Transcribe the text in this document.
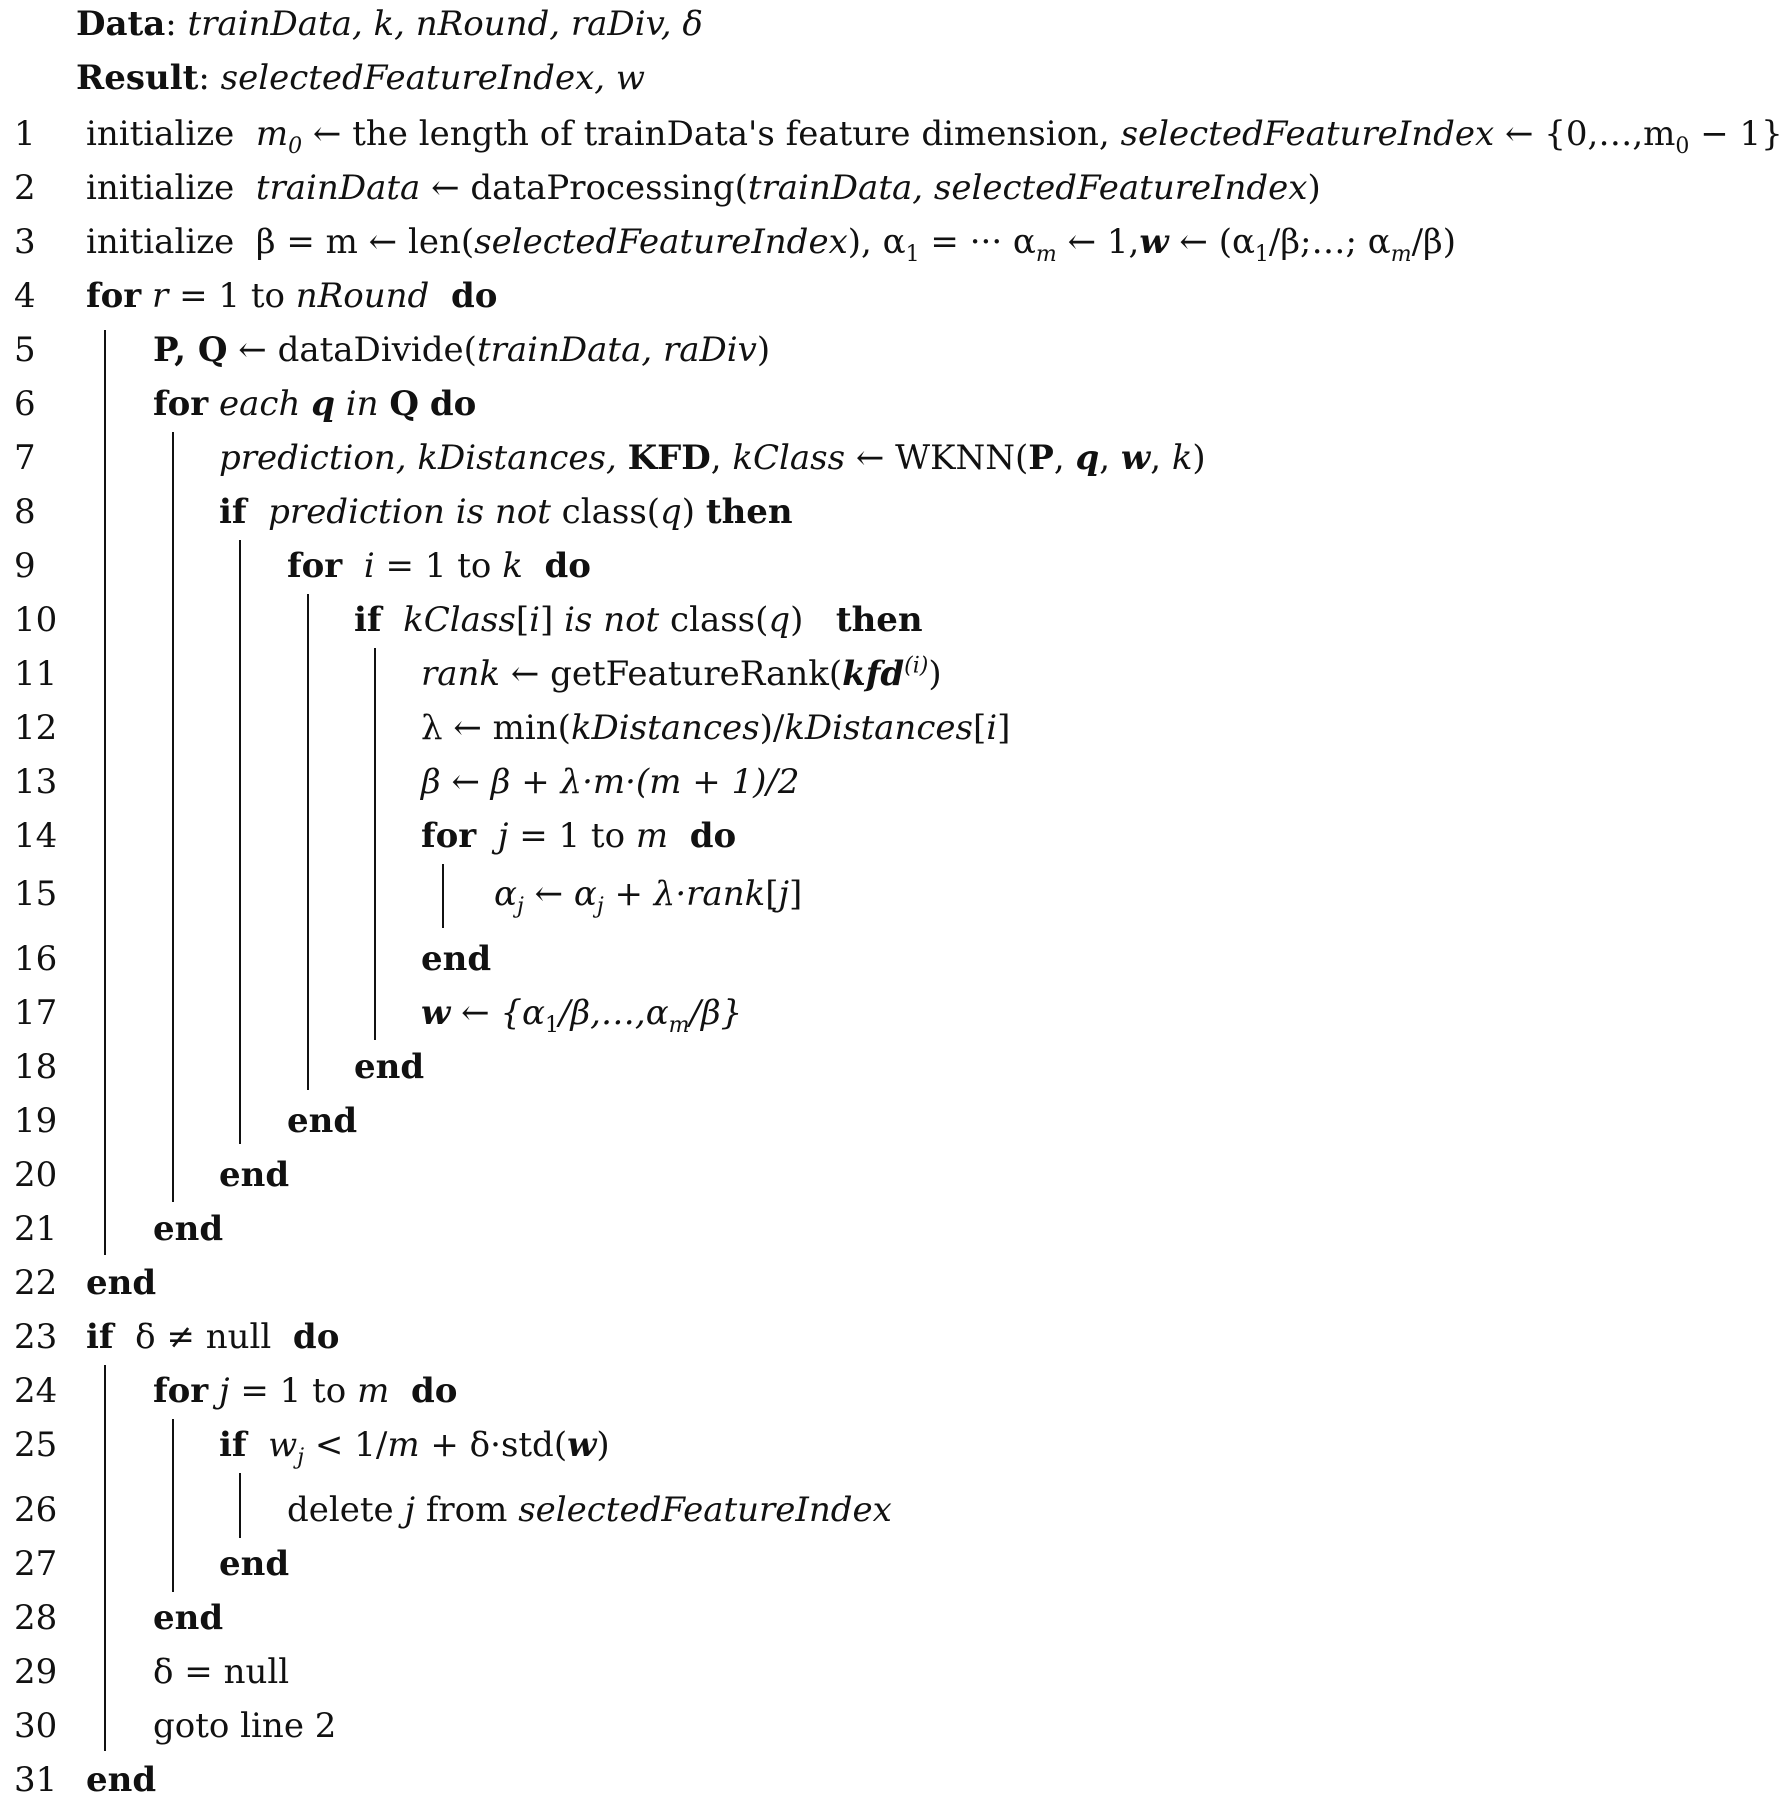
Data: trainData, k, nRound, raDiv, δ
Result: selectedFeatureIndex, w
1	initialize $m_0$ ← the length of trainData's feature dimension, selectedFeatureIndex ← $\{0,\dots,m_0 - 1\}$
2	initialize trainData ← dataProcessing(trainData, selectedFeatureIndex)
3	initialize β = m ← len(selectedFeatureIndex), $\alpha_1$ = ··· $\alpha_m$ ← 1,w ← ($\alpha_1/\beta;\dots$; $\alpha_m/\beta$)
4	for r = 1 to nRound do
5	P, Q ← dataDivide(trainData, raDiv)
6	for each q in Q do
7	prediction, kDistances, KFD, kClass ← WKNN(P, q, w, k)
8	if prediction is not class(q) then
9	for i = 1 to k do
10	if kClass[i] is not class(q) then
11	rank ← getFeatureRank(kfd$^{(i)}$)
12	λ ← min(kDistances)/kDistances[i]
13	β ← β + λ·m·(m + 1)/2
14	for j = 1 to m do
15	$\alpha_j$ ← $\alpha_j$ + λ·rank[j]
16	end
17	w ← $\{\alpha_1/\beta,\dots,\alpha_m/\beta\}$
18	end
19	end
20	end
21	end
22 end
23 if δ ≠ null do
24	for j = 1 to m do
25	if $w_j < 1/m + \delta\cdot std(w)$
26	delete j from selectedFeatureIndex
27	end
28	end
29	δ = null
30	goto line 2
31 end
